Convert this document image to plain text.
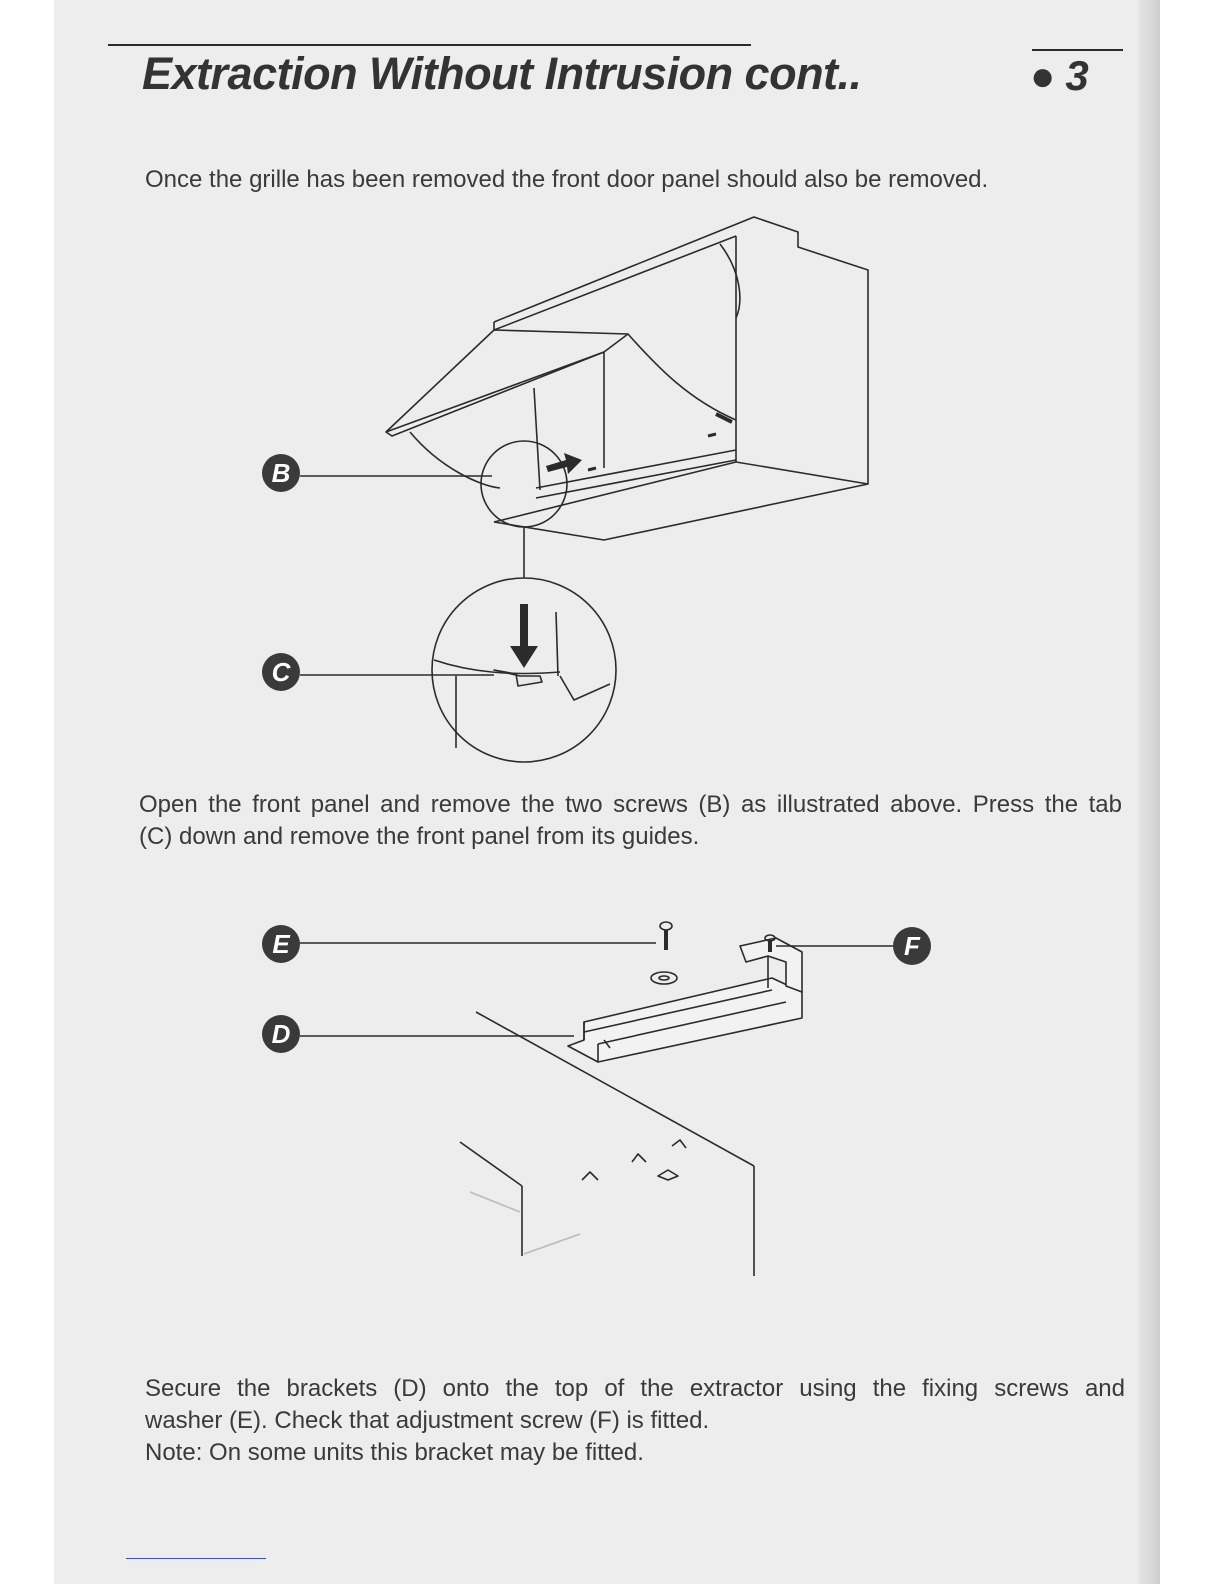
Extraction Without Intrusion cont..	● 3
Once the grille has been removed the front door panel should also be removed.
B
C
Open the front panel and remove the two screws (B) as illustrated above. Press the tab
(C) down and remove the front panel from its guides.
E
D
F
Secure the brackets (D) onto the top of the extractor using the fixing screws and
washer (E). Check that adjustment screw (F) is fitted.
Note: On some units this bracket may be fitted.
